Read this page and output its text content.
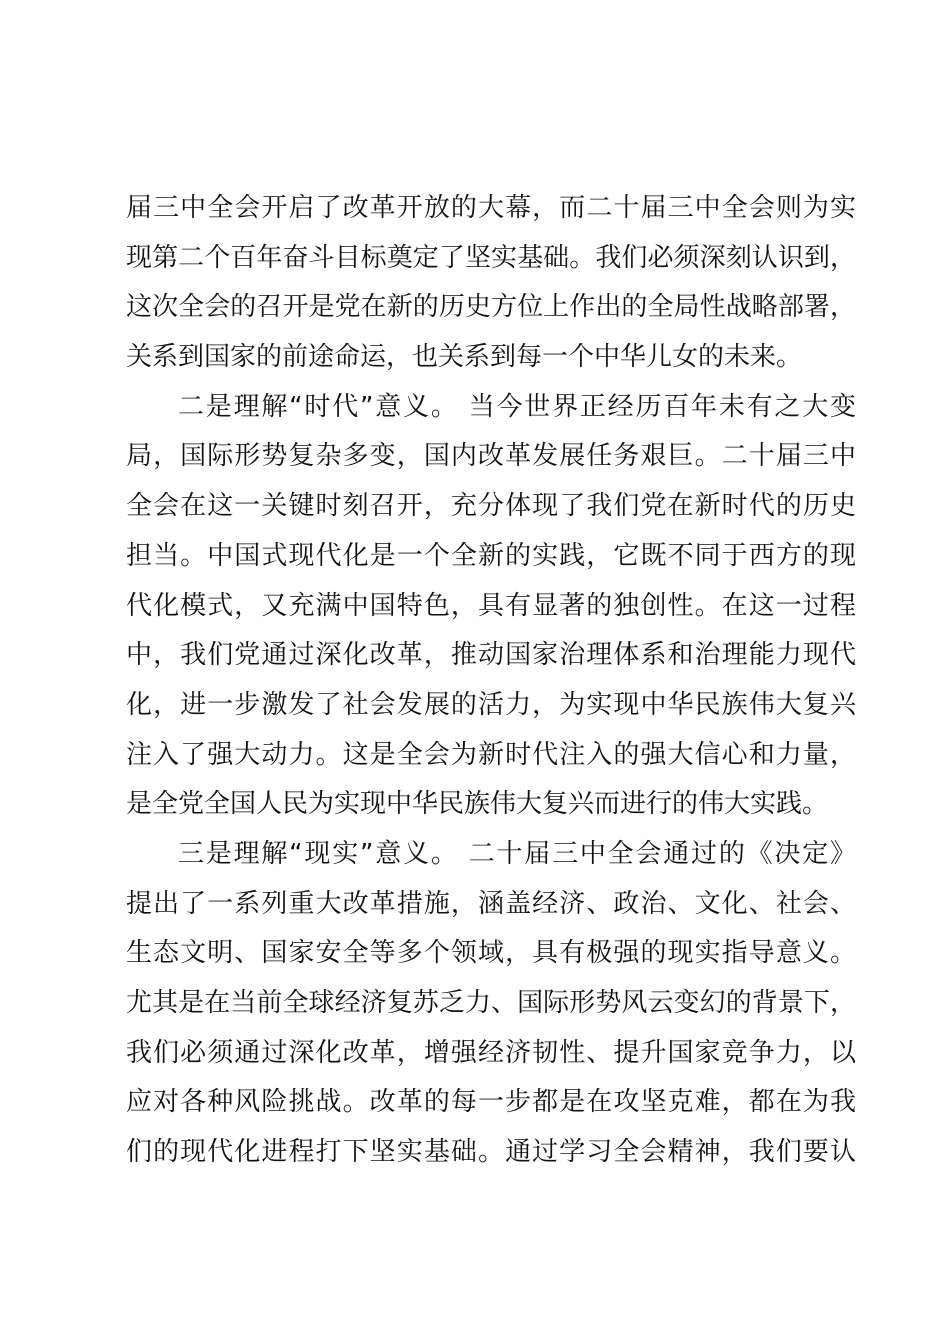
届三中全会开启了改革开放的大幕，而二十届三中全会则为实
现第二个百年奋斗目标奠定了坚实基础。我们必须深刻认识到，
这次全会的召开是党在新的历史方位上作出的全局性战略部署，
关系到国家的前途命运，也关系到每一个中华儿女的未来。
二是理解“时代”意义。 当今世界正经历百年未有之大变
局，国际形势复杂多变，国内改革发展任务艰巨。二十届三中
全会在这一关键时刻召开，充分体现了我们党在新时代的历史
担当。中国式现代化是一个全新的实践，它既不同于西方的现
代化模式，又充满中国特色，具有显著的独创性。在这一过程
中，我们党通过深化改革，推动国家治理体系和治理能力现代
化，进一步激发了社会发展的活力，为实现中华民族伟大复兴
注入了强大动力。这是全会为新时代注入的强大信心和力量，
是全党全国人民为实现中华民族伟大复兴而进行的伟大实践。
三是理解“现实”意义。 二十届三中全会通过的《决定》
提出了一系列重大改革措施，涵盖经济、政治、文化、社会、
生态文明、国家安全等多个领域，具有极强的现实指导意义。
尤其是在当前全球经济复苏乏力、国际形势风云变幻的背景下，
我们必须通过深化改革，增强经济韧性、提升国家竞争力，以
应对各种风险挑战。改革的每一步都是在攻坚克难，都在为我
们的现代化进程打下坚实基础。通过学习全会精神，我们要认
